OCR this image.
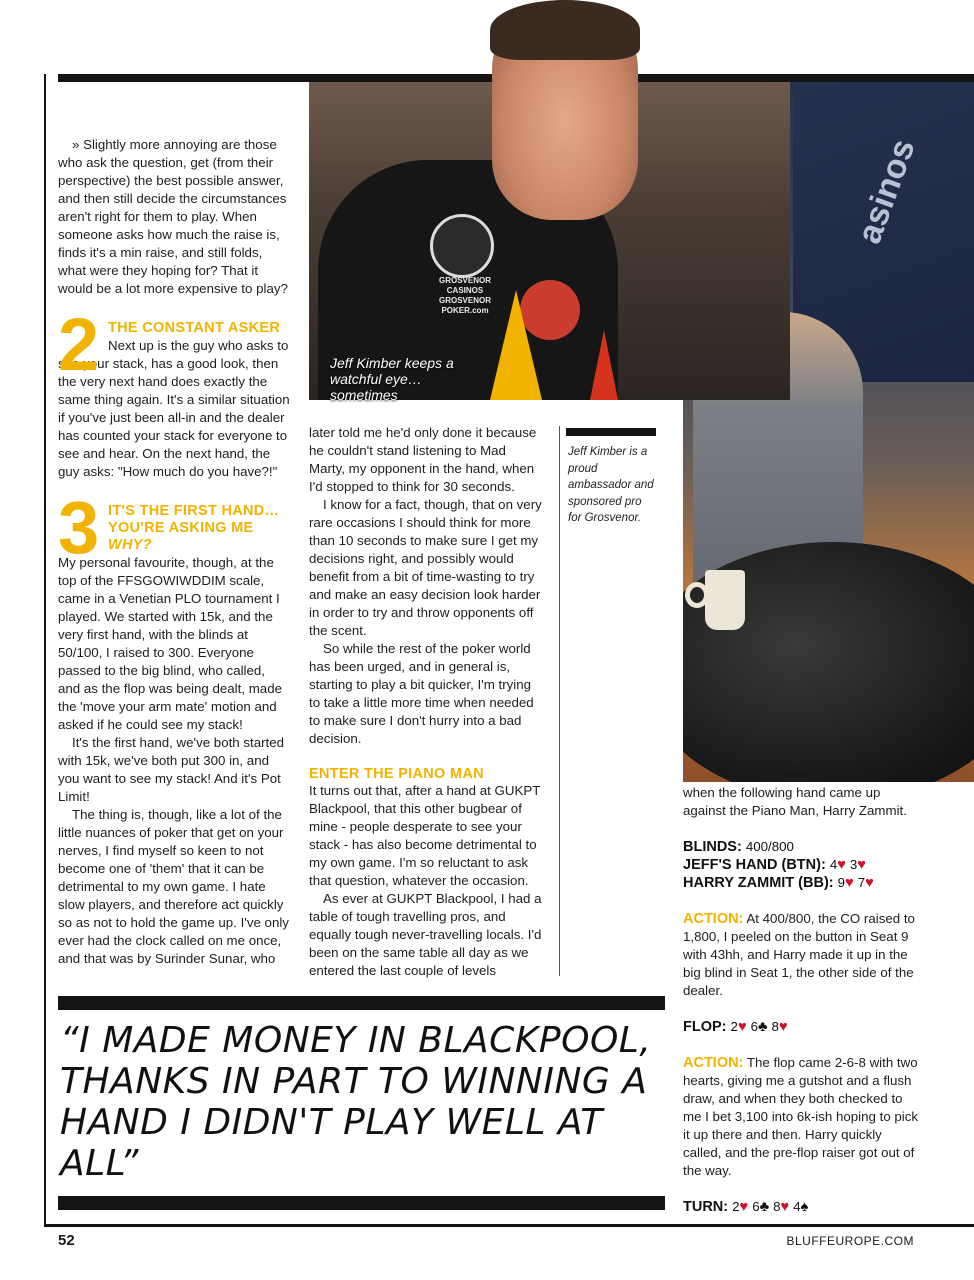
asinos
GROSVENOR CASINOS
GROSVENOR POKER.com
Jeff Kimber keeps a watchful eye…sometimes

» Slightly more annoying are those who ask the question, get (from their perspective) the best possible answer, and then still decide the circumstances aren't right for them to play. When someone asks how much the raise is, finds it's a min raise, and still folds, what were they hoping for? That it would be a lot more expensive to play?

2 THE CONSTANT ASKER

Next up is the guy who asks to see your stack, has a good look, then the very next hand does exactly the same thing again. It's a similar situation if you've just been all-in and the dealer has counted your stack for everyone to see and hear. On the next hand, the guy asks: "How much do you have?!"

3 IT'S THE FIRST HAND…YOU'RE ASKING ME WHY?

My personal favourite, though, at the top of the FFSGOWIWDDIM scale, came in a Venetian PLO tournament I played. We started with 15k, and the very first hand, with the blinds at 50/100, I raised to 300. Everyone passed to the big blind, who called, and as the flop was being dealt, made the 'move your arm mate' motion and asked if he could see my stack!

It's the first hand, we've both started with 15k, we've both put 300 in, and you want to see my stack! And it's Pot Limit!

The thing is, though, like a lot of the little nuances of poker that get on your nerves, I find myself so keen to not become one of 'them' that it can be detrimental to my own game. I hate slow players, and therefore act quickly so as not to hold the game up. I've only ever had the clock called on me once, and that was by Surinder Sunar, who

later told me he'd only done it because he couldn't stand listening to Mad Marty, my opponent in the hand, when I'd stopped to think for 30 seconds.

I know for a fact, though, that on very rare occasions I should think for more than 10 seconds to make sure I get my decisions right, and possibly would benefit from a bit of time-wasting to try and make an easy decision look harder in order to try and throw opponents off the scent.

So while the rest of the poker world has been urged, and in general is, starting to play a bit quicker, I'm trying to take a little more time when needed to make sure I don't hurry into a bad decision.

ENTER THE PIANO MAN

It turns out that, after a hand at GUKPT Blackpool, that this other bugbear of mine - people desperate to see your stack - has also become detrimental to my own game. I'm so reluctant to ask that question, whatever the occasion.

As ever at GUKPT Blackpool, I had a table of tough travelling pros, and equally tough never-travelling locals. I'd been on the same table all day as we entered the last couple of levels

Jeff Kimber is a proud ambassador and sponsored pro for Grosvenor.

when the following hand came up against the Piano Man, Harry Zammit.

BLINDS: 400/800
JEFF'S HAND (BTN): 4♥ 3♥
HARRY ZAMMIT (BB): 9♥ 7♥

ACTION: At 400/800, the CO raised to 1,800, I peeled on the button in Seat 9 with 43hh, and Harry made it up in the big blind in Seat 1, the other side of the dealer.

FLOP: 2♥ 6♣ 8♥

ACTION: The flop came 2-6-8 with two hearts, giving me a gutshot and a flush draw, and when they both checked to me I bet 3,100 into 6k-ish hoping to pick it up there and then. Harry quickly called, and the pre-flop raiser got out of the way.

TURN: 2♥ 6♣ 8♥ 4♠
“I MADE MONEY IN BLACKPOOL, THANKS IN PART TO WINNING A HAND I DIDN'T PLAY WELL AT ALL”
52	BLUFFEUROPE.COM
